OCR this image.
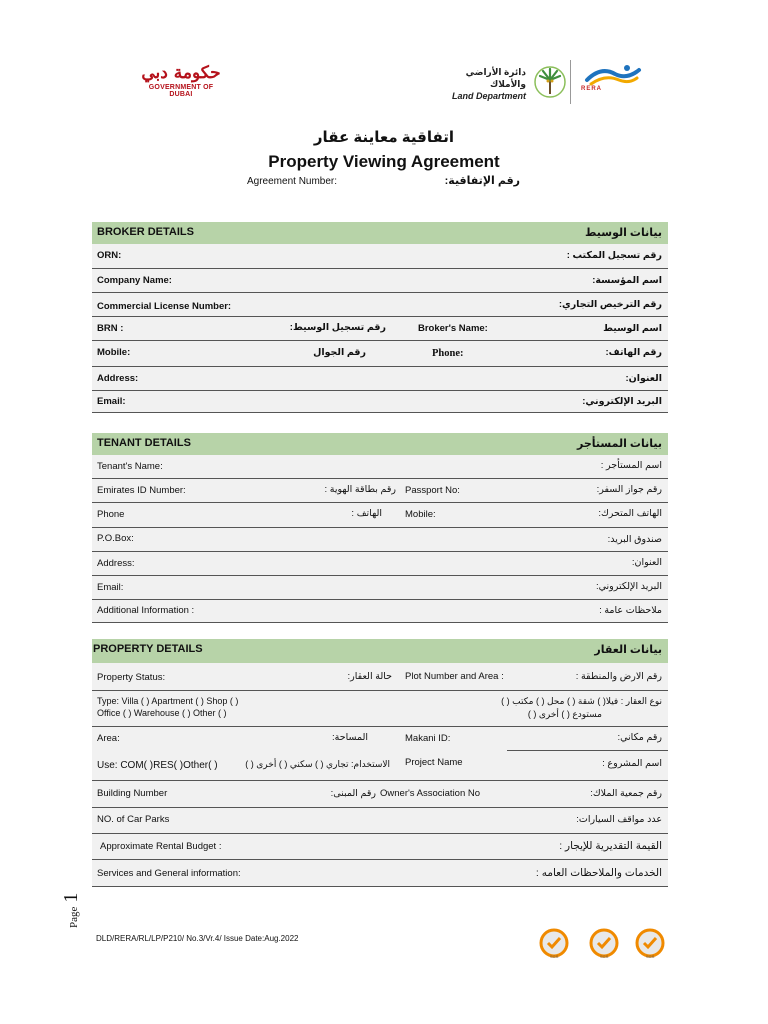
حكومة دبي
GOVERNMENT OF DUBAI
دائرة الأراضي والأملاك
Land Department
RERA
اتفاقية معاينة عقار
Property Viewing Agreement
Agreement Number:	رقم الإتفاقية:
BROKER DETAILS	بيانات الوسيط
ORN:	رقم تسجيل المكتب :
Company Name:	اسم المؤسسة:
Commercial License Number:	رقم الترخيص التجاري:
BRN :	رقم تسجيل الوسيط:	Broker's Name:	اسم الوسيط
Mobile:	رقم الجوال	Phone:	رقم الهاتف:
Address:	العنوان:
Email:	البريد الإلكتروني:
TENANT DETAILS	بيانات المستأجر
Tenant's Name:	اسم المستأجر :
Emirates ID Number:	رقم بطاقة الهوية : Passport No:	رقم جواز السفر:
Phone	الهاتف : Mobile:	الهاتف المتحرك:
P.O.Box:	صندوق البريد:
Address:	العنوان:
Email:	البريد الإلكتروني:
Additional Information :	ملاحظات عامة :
PROPERTY DETAILS	بيانات العقار
Property Status:	حالة العقار: Plot Number and Area :	رقم الارض والمنطقة :
Type: Villa ( ) Apartment ( ) Shop ( )
Office ( ) Warehouse ( ) Other ( )
نوع العقار : فيلا( ) شقة ( ) محل ( ) مكتب ( )
مستودع ( ) أخرى ( )
Area:	المساحة:	Makani ID:	رقم مكاني:
Use: COM( )RES( )Other( )	الاستخدام: تجاري ( ) سكني ( ) أخرى ( ) Project Name	اسم المشروع :
Building Number	رقم المبنى: Owner's Association No	رقم جمعية الملاك:
NO. of Car Parks	عدد مواقف السيارات:
Approximate Rental Budget :	القيمة التقديرية للإيجار :
Services and General information:	الخدمات والملاحظات العامه :
Page 1
DLD/RERA/RL/LP/P210/ No.3/Vr.4/ Issue Date:Aug.2022
SGS	SGS	SGS
